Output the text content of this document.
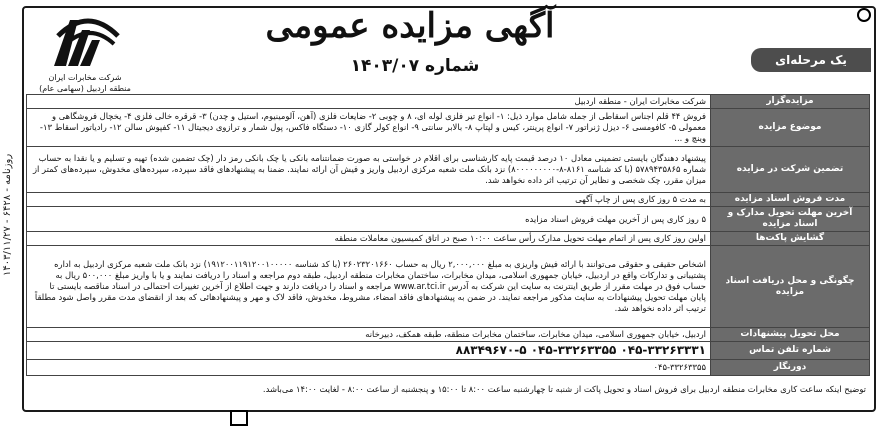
روزنامه - ۶۴۲۸ - ۱۴۰۳/۱۱/۲۷
شرکت مخابرات ایران
منطقه اردبیل (سهامی عام)
آگهی مزایده عمومی
شماره ۱۴۰۳/۰۷	یک مرحله‌ای
مزایده‌گزار	شرکت مخابرات ایران - منطقه اردبیل
موضوع مزایده	فروش ۴۴ قلم اجناس اسقاطی از جمله شامل موارد ذیل: ۱- انواع تیر فلزی لوله ای، ۸ و چوبی ۲- ضایعات فلزی (آهن، آلومینیوم، استیل و چدن) ۳- قرقره خالی فلزی ۴- یخچال فروشگاهی و معمولی ۵- کافومسی ۶- دیزل ژنراتور ۷- انواع پرینتر، کیس و لپتاپ ۸- بالابر سانتی ۹- انواع کولر گازی ۱۰- دستگاه فاکس، پول شمار و ترازوی دیجیتال ۱۱- کفپوش سالن ۱۲- رادیاتور اسقاط ۱۳- وینچ و ...
تضمین شرکت در مزایده	پیشنهاد دهندگان بایستی تضمینی معادل ۱۰ درصد قیمت پایه کارشناسی برای اقلام در خواستی به صورت ضمانتنامه بانکی یا چک بانکی رمز دار (چک تضمین شده) تهیه و تسلیم و یا نقدا به حساب شماره ۵۷۸۹۴۳۵۸۶۵ (با کد شناسه ۸۱۶۱-۸-۸۰۰۰۰۰۰۰۰۰) نزد بانک ملت شعبه مرکزی اردبیل واریز و فیش آن ارائه نمایند. ضمنا به پیشنهادهای فاقد سپرده، سپرده‌های مخدوش، سپرده‌های کمتر از میزان مقرر، چک شخصی و نظایر آن ترتیب اثر داده نخواهد شد.
مدت فروش اسناد مزایده	به مدت ۵ روز کاری پس از چاپ آگهی
آخرین مهلت تحویل مدارک و اسناد مزایده	۵ روز کاری پس از آخرین مهلت فروش اسناد مزایده
گشایش پاکت‌ها	اولین روز کاری پس از اتمام مهلت تحویل مدارک رأس ساعت ۱۰:۰۰ صبح در اتاق کمیسیون معاملات منطقه
چگونگی و محل دریافت اسناد مزایده	اشخاص حقیقی و حقوقی می‌توانند با ارائه فیش واریزی به مبلغ ۲,۰۰۰,۰۰۰ ریال به حساب ۲۶۰۲۳۲۰۱۶۶۰ (با کد شناسه ۱۹۱۲۰۰۱۱۹۱۲۰۰۱۰۰۰۰۰) نزد بانک ملت شعبه مرکزی اردبیل به اداره پشتیبانی و تدارکات واقع در اردبیل، خیابان جمهوری اسلامی، میدان مخابرات، ساختمان مخابرات منطقه اردبیل، طبقه دوم مراجعه و اسناد را دریافت نمایند و یا با واریز مبلغ ۵۰۰,۰۰۰ ریال به حساب فوق در مهلت مقرر از طریق اینترنت به سایت این شرکت به آدرس www.ar.tci.ir مراجعه و اسناد را دریافت دارند و جهت اطلاع از آخرین تغییرات احتمالی در اسناد مناقصه بایستی تا پایان مهلت تحویل پیشنهادات به سایت مذکور مراجعه نمایند. در ضمن به پیشنهادهای فاقد امضاء، مشروط، مخدوش، فاقد لاک و مهر و پیشنهادهائی که بعد از انقضای مدت مقرر واصل شود مطلقاً ترتیب اثر داده نخواهد شد.
محل تحویل پیشنهادات	اردبیل، خیابان جمهوری اسلامی، میدان مخابرات، ساختمان مخابرات منطقه، طبقه همکف، دبیرخانه
شماره تلفن تماس	۰۴۵-۳۳۲۶۳۳۳۱ ۰۴۵-۳۳۲۶۳۳۵۵ ۸۸۳۴۹۶۷۰-۵
دورنگار	۰۴۵-۳۳۲۶۳۳۵۵
توضیح اینکه ساعت کاری مخابرات منطقه اردبیل برای فروش اسناد و تحویل پاکت از شنبه تا چهارشنبه ساعت ۸:۰۰ تا ۱۵:۰۰ و پنجشنبه از ساعت ۸:۰۰ - لغایت ۱۴:۰۰ می‌باشد.
